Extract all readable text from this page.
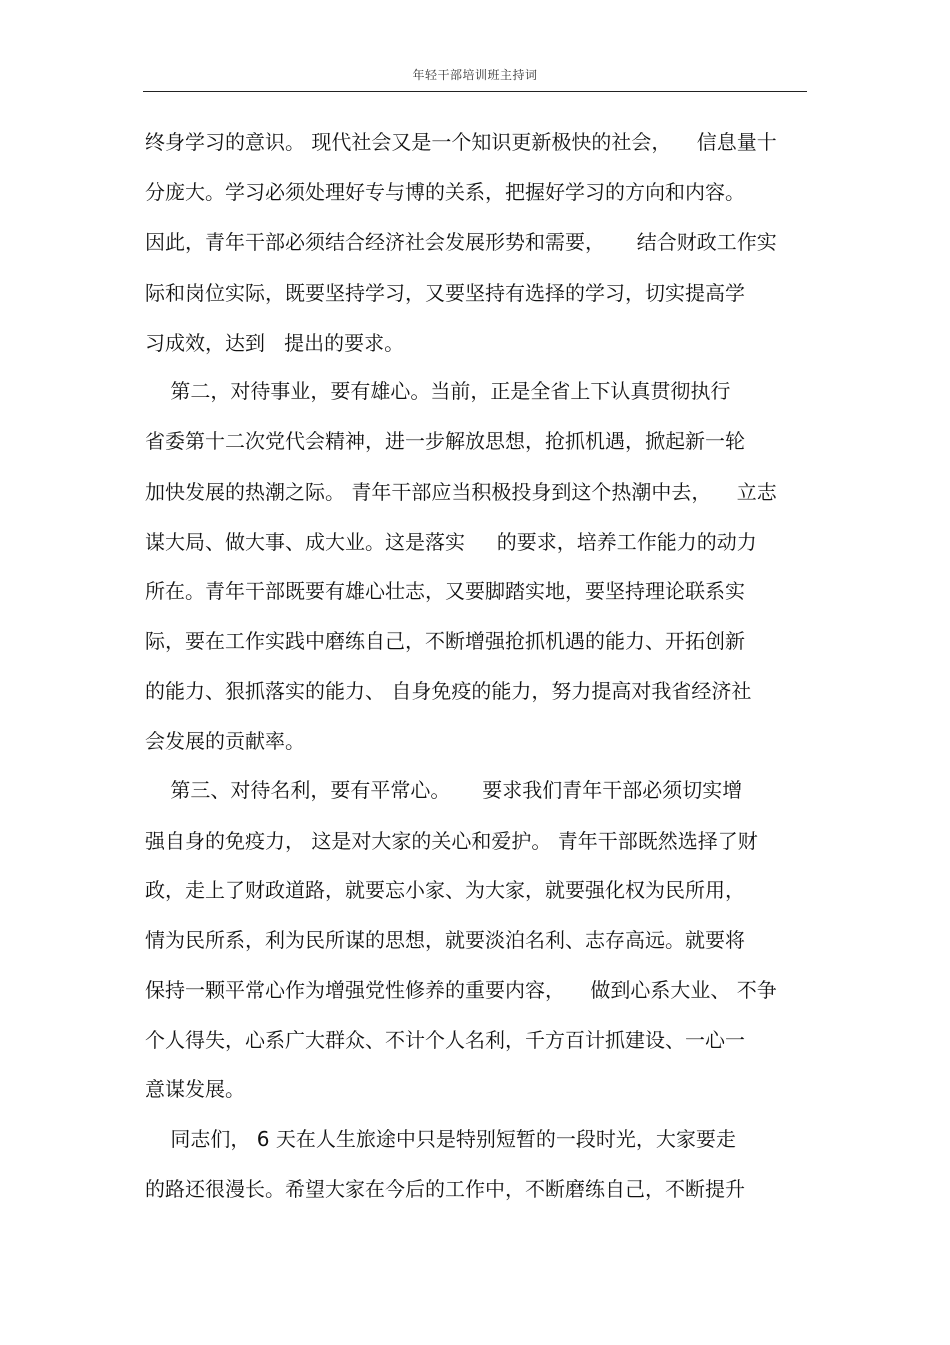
年轻干部培训班主持词
终身学习的意识。 现代社会又是一个知识更新极快的社会，    信息量十
分庞大。学习必须处理好专与博的关系，把握好学习的方向和内容。
因此，青年干部必须结合经济社会发展形势和需要，     结合财政工作实
际和岗位实际，既要坚持学习，又要坚持有选择的学习，切实提高学
习成效，达到   提出的要求。
第二，对待事业，要有雄心。当前，正是全省上下认真贯彻执行
省委第十二次党代会精神，进一步解放思想，抢抓机遇，掀起新一轮
加快发展的热潮之际。 青年干部应当积极投身到这个热潮中去，    立志
谋大局、做大事、成大业。这是落实     的要求，培养工作能力的动力
所在。青年干部既要有雄心壮志，又要脚踏实地，要坚持理论联系实
际，要在工作实践中磨练自己，不断增强抢抓机遇的能力、开拓创新
的能力、狠抓落实的能力、 自身免疫的能力，努力提高对我省经济社
会发展的贡献率。
第三、对待名利，要有平常心。     要求我们青年干部必须切实增
强自身的免疫力， 这是对大家的关心和爱护。 青年干部既然选择了财
政，走上了财政道路，就要忘小家、为大家，就要强化权为民所用，
情为民所系，利为民所谋的思想，就要淡泊名利、志存高远。就要将
保持一颗平常心作为增强党性修养的重要内容，    做到心系大业、 不争
个人得失，心系广大群众、不计个人名利，千方百计抓建设、一心一
意谋发展。
同志们， 6 天在人生旅途中只是特别短暂的一段时光，大家要走
的路还很漫长。希望大家在今后的工作中，不断磨练自己，不断提升
